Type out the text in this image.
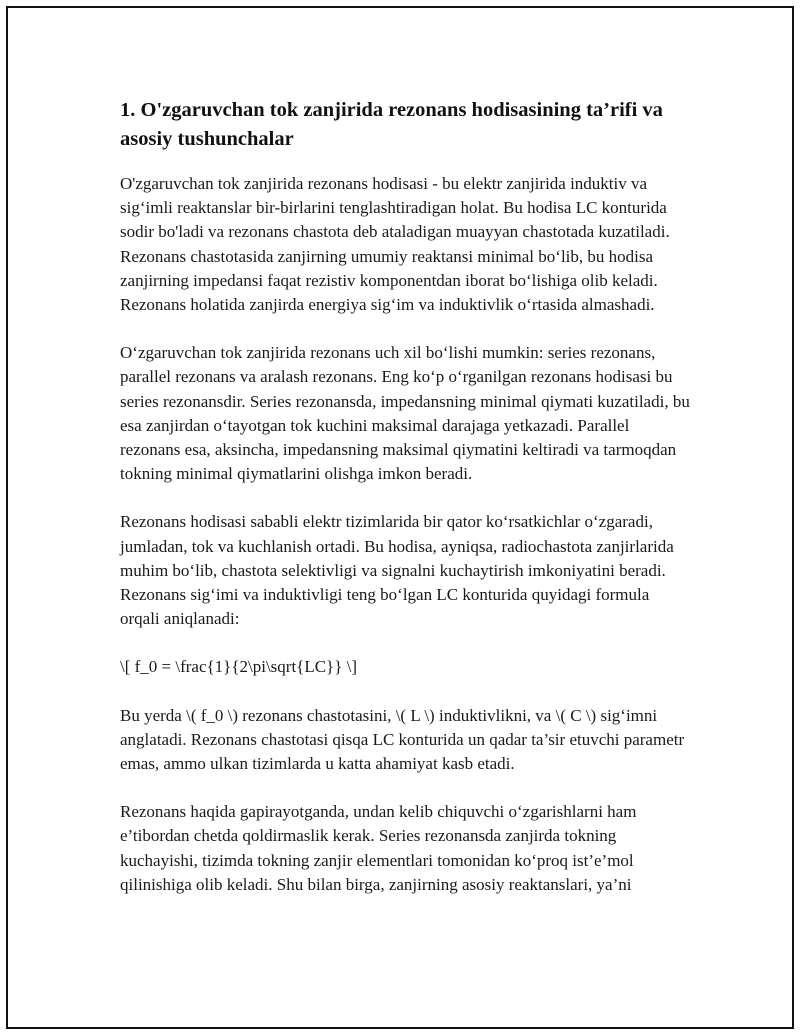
1. O'zgaruvchan tok zanjirida rezonans hodisasining ta’rifi va asosiy tushunchalar

O'zgaruvchan tok zanjirida rezonans hodisasi - bu elektr zanjirida induktiv va sig‘imli reaktanslar bir-birlarini tenglashtiradigan holat. Bu hodisa LC konturida sodir bo'ladi va rezonans chastota deb ataladigan muayyan chastotada kuzatiladi. Rezonans chastotasida zanjirning umumiy reaktansi minimal bo‘lib, bu hodisa zanjirning impedansi faqat rezistiv komponentdan iborat bo‘lishiga olib keladi. Rezonans holatida zanjirda energiya sig‘im va induktivlik o‘rtasida almashadi.

O‘zgaruvchan tok zanjirida rezonans uch xil bo‘lishi mumkin: series rezonans, parallel rezonans va aralash rezonans. Eng ko‘p o‘rganilgan rezonans hodisasi bu series rezonansdir. Series rezonansda, impedansning minimal qiymati kuzatiladi, bu esa zanjirdan o‘tayotgan tok kuchini maksimal darajaga yetkazadi. Parallel rezonans esa, aksincha, impedansning maksimal qiymatini keltiradi va tarmoqdan tokning minimal qiymatlarini olishga imkon beradi.

Rezonans hodisasi sababli elektr tizimlarida bir qator ko‘rsatkichlar o‘zgaradi, jumladan, tok va kuchlanish ortadi. Bu hodisa, ayniqsa, radiochastota zanjirlarida muhim bo‘lib, chastota selektivligi va signalni kuchaytirish imkoniyatini beradi. Rezonans sig‘imi va induktivligi teng bo‘lgan LC konturida quyidagi formula orqali aniqlanadi:

\[ f_0 = \frac{1}{2\pi\sqrt{LC}} \]

Bu yerda \( f_0 \) rezonans chastotasini, \( L \) induktivlikni, va \( C \) sig‘imni anglatadi. Rezonans chastotasi qisqa LC konturida un qadar ta’sir etuvchi parametr emas, ammo ulkan tizimlarda u katta ahamiyat kasb etadi.

Rezonans haqida gapirayotganda, undan kelib chiquvchi o‘zgarishlarni ham e’tibordan chetda qoldirmaslik kerak. Series rezonansda zanjirda tokning kuchayishi, tizimda tokning zanjir elementlari tomonidan ko‘proq ist’e’mol qilinishiga olib keladi. Shu bilan birga, zanjirning asosiy reaktanslari, ya’ni
